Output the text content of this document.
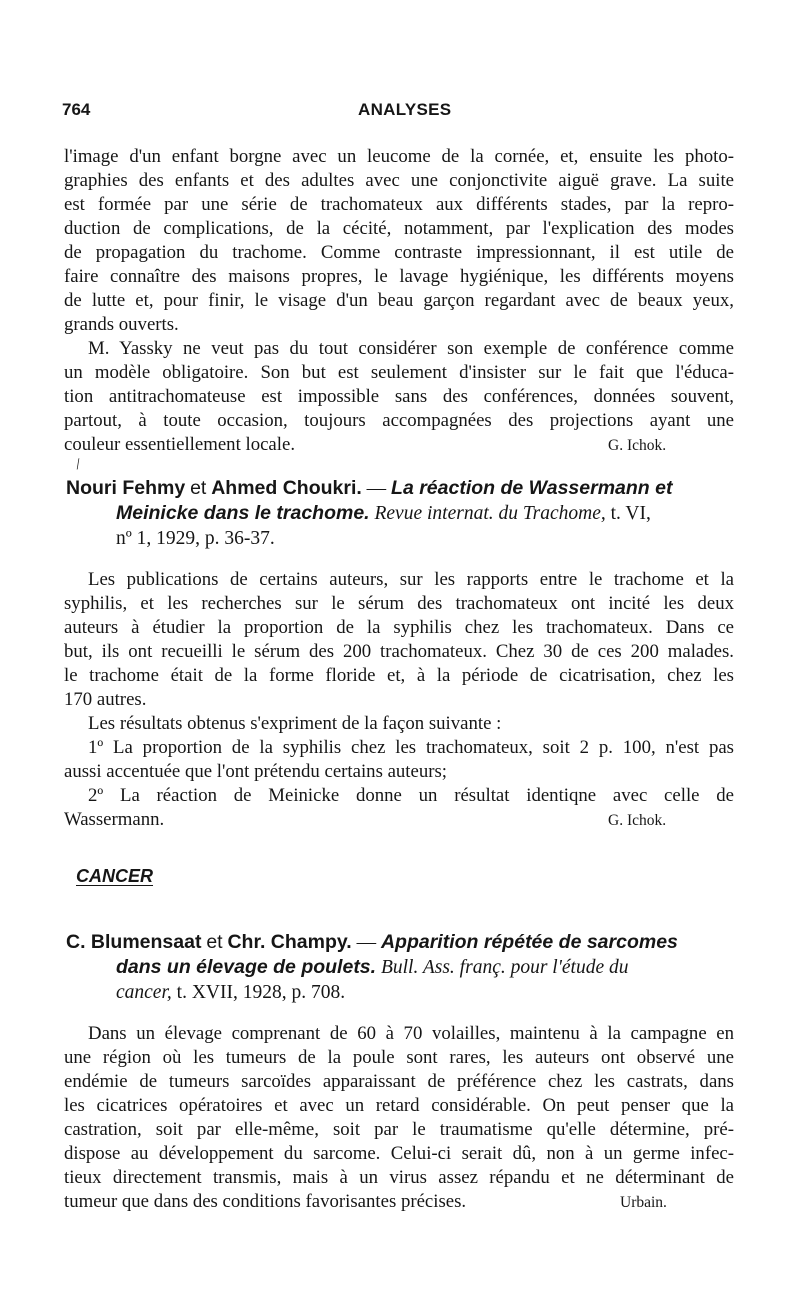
764	ANALYSES
l'image d'un enfant borgne avec un leucome de la cornée, et, ensuite les photo-
graphies des enfants et des adultes avec une conjonctivite aiguë grave. La suite
est formée par une série de trachomateux aux différents stades, par la repro-
duction de complications, de la cécité, notamment, par l'explication des modes
de propagation du trachome. Comme contraste impressionnant, il est utile de
faire connaître des maisons propres, le lavage hygiénique, les différents moyens
de lutte et, pour finir, le visage d'un beau garçon regardant avec de beaux yeux,
grands ouverts.
M. Yassky ne veut pas du tout considérer son exemple de conférence comme
un modèle obligatoire. Son but est seulement d'insister sur le fait que l'éduca-
tion antitrachomateuse est impossible sans des conférences, données souvent,
partout, à toute occasion, toujours accompagnées des projections ayant une
couleur essentiellement locale.	G. Ichok.
/
Nouri Fehmy et Ahmed Choukri. — La réaction de Wassermann et
Meinicke dans le trachome. Revue internat. du Trachome, t. VI,
nº 1, 1929, p. 36-37.
Les publications de certains auteurs, sur les rapports entre le trachome et la
syphilis, et les recherches sur le sérum des trachomateux ont incité les deux
auteurs à étudier la proportion de la syphilis chez les trachomateux. Dans ce
but, ils ont recueilli le sérum des 200 trachomateux. Chez 30 de ces 200 malades.
le trachome était de la forme floride et, à la période de cicatrisation, chez les
170 autres.
Les résultats obtenus s'expriment de la façon suivante :
1º La proportion de la syphilis chez les trachomateux, soit 2 p. 100, n'est pas
aussi accentuée que l'ont prétendu certains auteurs;
2º La réaction de Meinicke donne un résultat identiqne avec celle de
Wassermann.	G. Ichok.
CANCER
C. Blumensaat et Chr. Champy. — Apparition répétée de sarcomes
dans un élevage de poulets. Bull. Ass. franç. pour l'étude du
cancer, t. XVII, 1928, p. 708.
Dans un élevage comprenant de 60 à 70 volailles, maintenu à la campagne en
une région où les tumeurs de la poule sont rares, les auteurs ont observé une
endémie de tumeurs sarcoïdes apparaissant de préférence chez les castrats, dans
les cicatrices opératoires et avec un retard considérable. On peut penser que la
castration, soit par elle-même, soit par le traumatisme qu'elle détermine, pré-
dispose au développement du sarcome. Celui-ci serait dû, non à un germe infec-
tieux directement transmis, mais à un virus assez répandu et ne déterminant de
tumeur que dans des conditions favorisantes précises.	Urbain.
